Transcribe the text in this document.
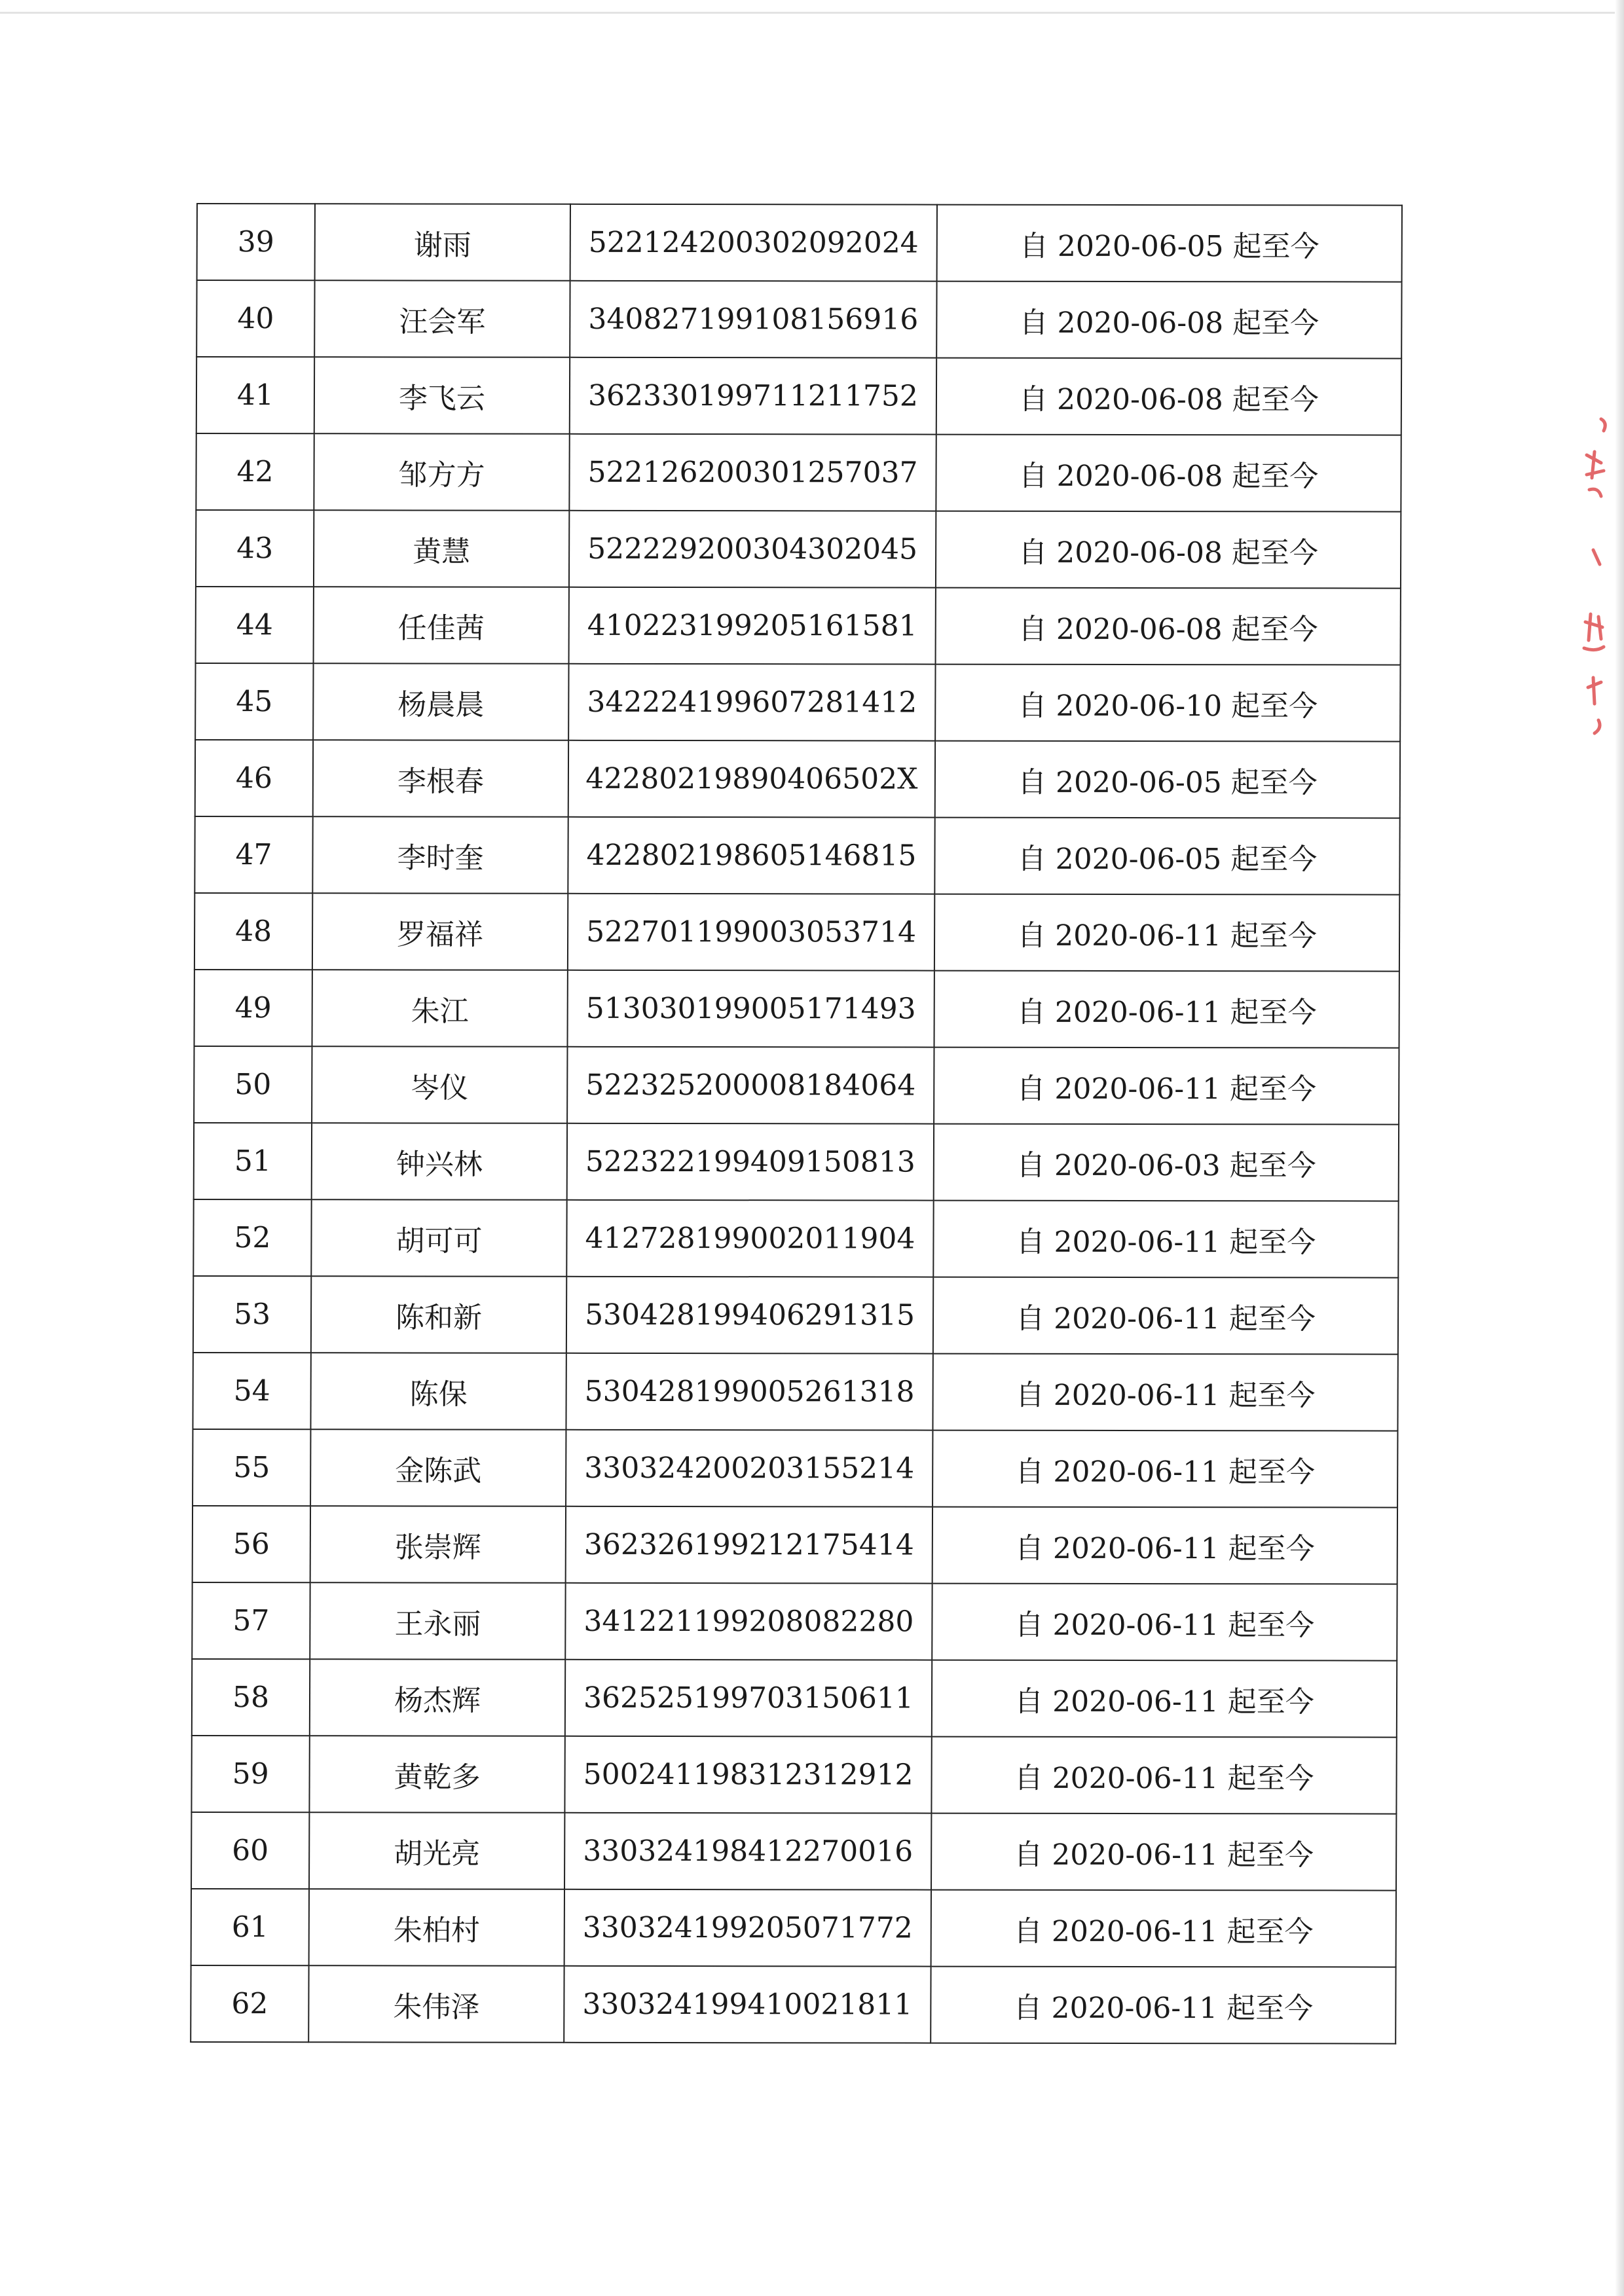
39	谢雨	522124200302092024	自 2020-06-05 起至今
40	汪会军	340827199108156916	自 2020-06-08 起至今
41	李飞云	362330199711211752	自 2020-06-08 起至今
42	邹方方	522126200301257037	自 2020-06-08 起至今
43	黄慧	522229200304302045	自 2020-06-08 起至今
44	任佳茜	410223199205161581	自 2020-06-08 起至今
45	杨晨晨	342224199607281412	自 2020-06-10 起至今
46	李根春	42280219890406502X	自 2020-06-05 起至今
47	李时奎	422802198605146815	自 2020-06-05 起至今
48	罗福祥	522701199003053714	自 2020-06-11 起至今
49	朱江	513030199005171493	自 2020-06-11 起至今
50	岑仪	522325200008184064	自 2020-06-11 起至今
51	钟兴林	522322199409150813	自 2020-06-03 起至今
52	胡可可	412728199002011904	自 2020-06-11 起至今
53	陈和新	530428199406291315	自 2020-06-11 起至今
54	陈保	530428199005261318	自 2020-06-11 起至今
55	金陈武	330324200203155214	自 2020-06-11 起至今
56	张崇辉	362326199212175414	自 2020-06-11 起至今
57	王永丽	341221199208082280	自 2020-06-11 起至今
58	杨杰辉	362525199703150611	自 2020-06-11 起至今
59	黄乾多	500241198312312912	自 2020-06-11 起至今
60	胡光亮	330324198412270016	自 2020-06-11 起至今
61	朱柏村	330324199205071772	自 2020-06-11 起至今
62	朱伟泽	330324199410021811	自 2020-06-11 起至今
